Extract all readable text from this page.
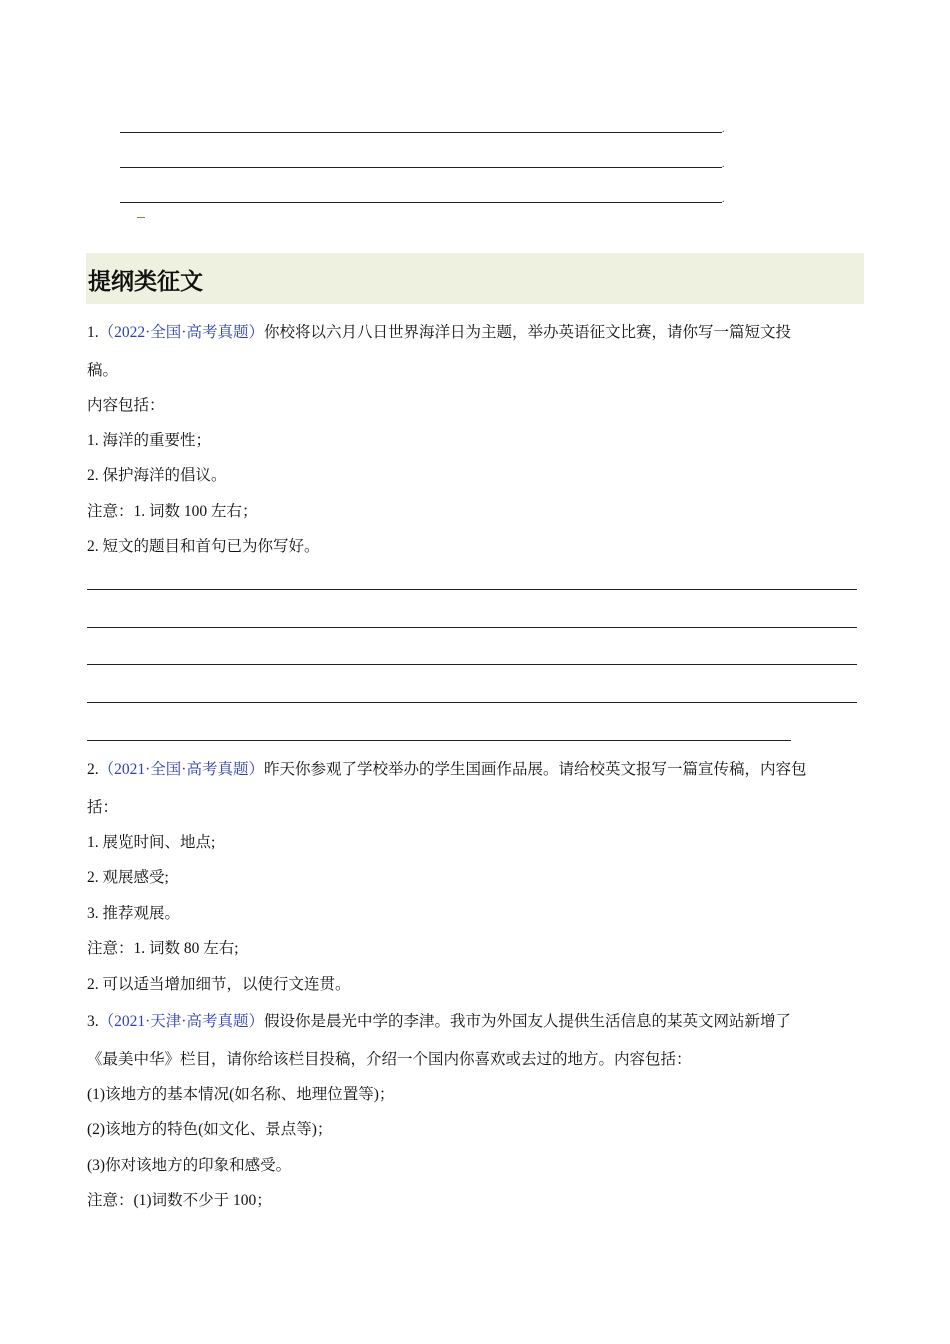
.
.
.
提纲类征文
1.（2022·全国·高考真题）你校将以六月八日世界海洋日为主题，举办英语征文比赛，请你写一篇短文投
稿。
内容包括：
1. 海洋的重要性；
2. 保护海洋的倡议。
注意：1. 词数 100 左右；
2. 短文的题目和首句已为你写好。
2.（2021·全国·高考真题）昨天你参观了学校举办的学生国画作品展。请给校英文报写一篇宣传稿，内容包
括：
1. 展览时间、地点;
2. 观展感受;
3. 推荐观展。
注意：1. 词数 80 左右;
2. 可以适当增加细节，以使行文连贯。
3.（2021·天津·高考真题）假设你是晨光中学的李津。我市为外国友人提供生活信息的某英文网站新增了
《最美中华》栏目，请你给该栏目投稿，介绍一个国内你喜欢或去过的地方。内容包括：
(1)该地方的基本情况(如名称、地理位置等)；
(2)该地方的特色(如文化、景点等)；
(3)你对该地方的印象和感受。
注意：(1)词数不少于 100；
